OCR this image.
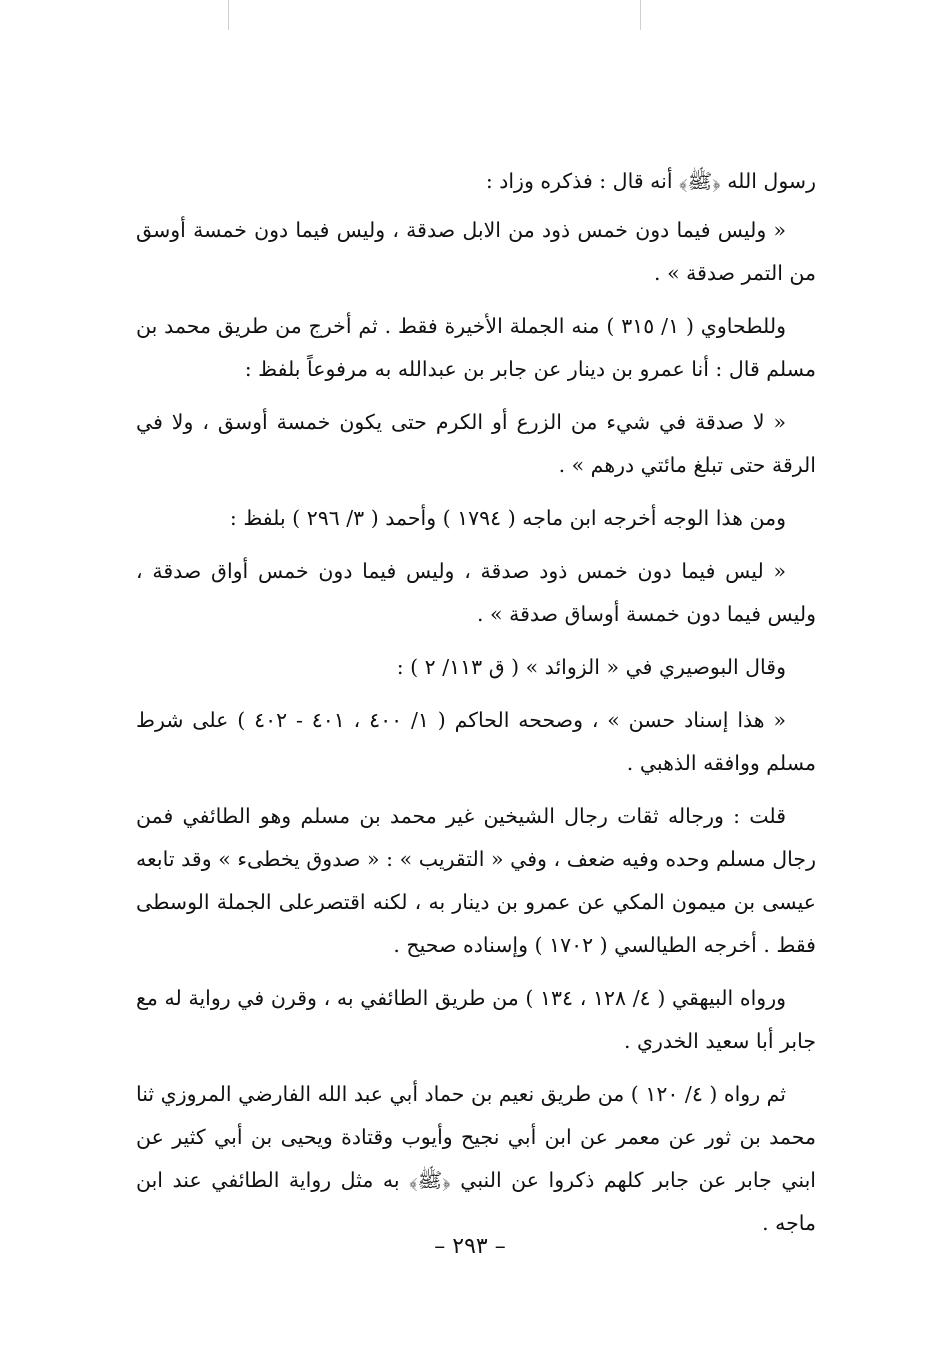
رسول الله ﴿ﷺ﴾ أنه قال : فذكره وزاد :

« وليس فيما دون خمس ذود من الابل صدقة ، وليس فيما دون خمسة أوسق من التمر صدقة » .

وللطحاوي ( ١/ ٣١٥ ) منه الجملة الأخيرة فقط . ثم أخرج من طريق محمد بن مسلم قال : أنا عمرو بن دينار عن جابر بن عبدالله به مرفوعاً بلفظ :

« لا صدقة في شيء من الزرع أو الكرم حتى يكون خمسة أوسق ، ولا في الرقة حتى تبلغ مائتي درهم » .

ومن هذا الوجه أخرجه ابن ماجه ( ١٧٩٤ ) وأحمد ( ٣/ ٢٩٦ ) بلفظ :

« ليس فيما دون خمس ذود صدقة ، وليس فيما دون خمس أواق صدقة ، وليس فيما دون خمسة أوساق صدقة » .

وقال البوصيري في « الزوائد » ( ق ١١٣/ ٢ ) :

« هذا إسناد حسن » ، وصححه الحاكم ( ١/ ٤٠٠ ، ٤٠١ - ٤٠٢ ) على شرط مسلم ووافقه الذهبي .

قلت : ورجاله ثقات رجال الشيخين غير محمد بن مسلم وهو الطائفي فمن رجال مسلم وحده وفيه ضعف ، وفي « التقريب » : « صدوق يخطىء » وقد تابعه عيسى بن ميمون المكي عن عمرو بن دينار به ، لكنه اقتصرعلى الجملة الوسطى فقط . أخرجه الطيالسي ( ١٧٠٢ ) وإسناده صحيح .

ورواه البيهقي ( ٤/ ١٢٨ ، ١٣٤ ) من طريق الطائفي به ، وقرن في رواية له مع جابر أبا سعيد الخدري .

ثم رواه ( ٤/ ١٢٠ ) من طريق نعيم بن حماد أبي عبد الله الفارضي المروزي ثنا محمد بن ثور عن معمر عن ابن أبي نجيح وأيوب وقتادة ويحيى بن أبي كثير عن ابني جابر عن جابر كلهم ذكروا عن النبي ﴿ﷺ﴾ به مثل رواية الطائفي عند ابن ماجه .

– ٢٩٣ –
